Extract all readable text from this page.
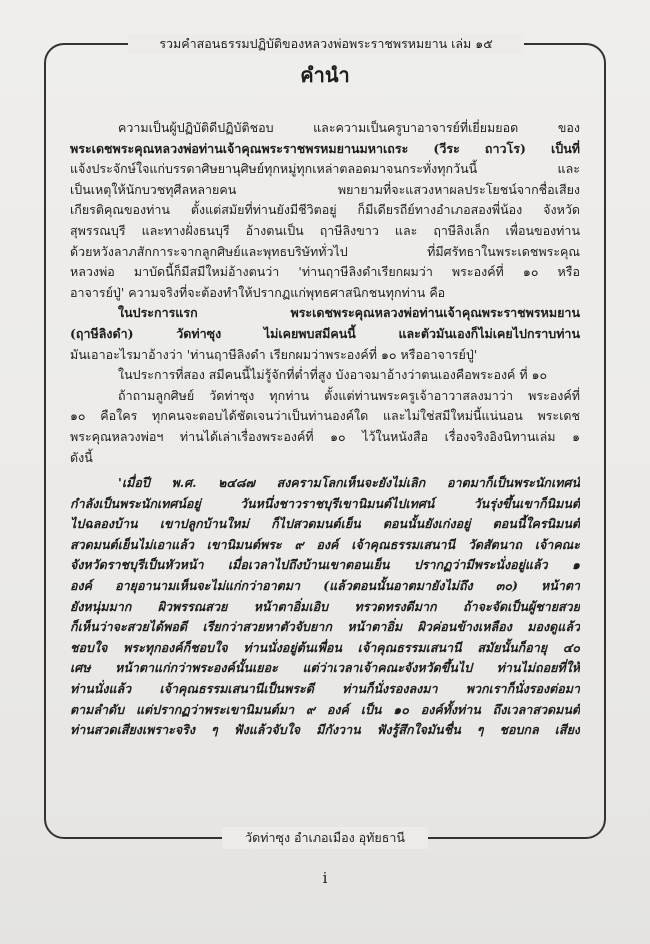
รวมคำสอนธรรมปฏิบัติของหลวงพ่อพระราชพรหมยาน เล่ม ๑๕
คำนำ
ความเป็นผู้ปฏิบัติดีปฏิบัติชอบ และความเป็นครูบาอาจารย์ที่เยี่ยมยอด ของ
พระเดชพระคุณหลวงพ่อท่านเจ้าคุณพระราชพรหมยานมหาเถระ (วีระ ถาวโร) เป็นที่
แจ้งประจักษ์ใจแก่บรรดาศิษยานุศิษย์ทุกหมู่ทุกเหล่าตลอดมาจนกระทั่งทุกวันนี้ และ
เป็นเหตุให้นักบวชทุศีลหลายคน พยายามที่จะแสวงหาผลประโยชน์จากชื่อเสียง
เกียรติคุณของท่าน ตั้งแต่สมัยที่ท่านยังมีชีวิตอยู่ ก็มีเดียรถีย์ทางอำเภอสองพี่น้อง จังหวัด
สุพรรณบุรี และทางฝั่งธนบุรี อ้างตนเป็น ฤาษีลิงขาว และ ฤาษีลิงเล็ก เพื่อนของท่าน
ด้วยหวังลาภสักการะจากลูกศิษย์และพุทธบริษัททั่วไป ที่มีศรัทธาในพระเดชพระคุณ
หลวงพ่อ มาบัดนี้ก็มีสมีใหม่อ้างตนว่า 'ท่านฤาษีลิงดำเรียกผมว่า พระองค์ที่ ๑๐ หรือ
อาจารย์ปู่' ความจริงที่จะต้องทำให้ปรากฏแก่พุทธศาสนิกชนทุกท่าน คือ
ในประการแรก พระเดชพระคุณหลวงพ่อท่านเจ้าคุณพระราชพรหมยาน
(ฤาษีลิงดำ) วัดท่าซุง ไม่เคยพบสมีคนนี้ และตัวมันเองก็ไม่เคยไปกราบท่าน
มันเอาอะไรมาอ้างว่า 'ท่านฤาษีลิงดำ เรียกผมว่าพระองค์ที่ ๑๐ หรืออาจารย์ปู่'
ในประการที่สอง สมีคนนี้ไม่รู้จักที่ต่ำที่สูง บังอาจมาอ้างว่าตนเองคือพระองค์ ที่ ๑๐
ถ้าถามลูกศิษย์ วัดท่าซุง ทุกท่าน ตั้งแต่ท่านพระครูเจ้าอาวาสลงมาว่า พระองค์ที่
๑๐ คือใคร ทุกคนจะตอบได้ชัดเจนว่าเป็นท่านองค์ใด และไม่ใช่สมีใหม่นี้แน่นอน พระเดช
พระคุณหลวงพ่อฯ ท่านได้เล่าเรื่องพระองค์ที่ ๑๐ ไว้ในหนังสือ เรื่องจริงอิงนิทานเล่ม ๑
ดังนี้
'เมื่อปี พ.ศ. ๒๔๘๗ สงครามโลกเห็นจะยังไม่เลิก อาตมาก็เป็นพระนักเทศน์
กำลังเป็นพระนักเทศน์อยู่ วันหนึ่งชาวราชบุรีเขานิมนต์ไปเทศน์ วันรุ่งขึ้นเขาก็นิมนต์
ไปฉลองบ้าน เขาปลูกบ้านใหม่ ก็ไปสวดมนต์เย็น ตอนนั้นยังเก่งอยู่ ตอนนี้ใครนิมนต์
สวดมนต์เย็นไม่เอาแล้ว เขานิมนต์พระ ๙ องค์ เจ้าคุณธรรมเสนานี วัดสัตนาถ เจ้าคณะ
จังหวัดราชบุรีเป็นหัวหน้า เมื่อเวลาไปถึงบ้านเขาตอนเย็น ปรากฏว่ามีพระนั่งอยู่แล้ว ๑
องค์ อายุอานามเห็นจะไม่แก่กว่าอาตมา (แล้วตอนนั้นอาตมายังไม่ถึง ๓๐) หน้าตา
ยังหนุ่มมาก ผิวพรรณสวย หน้าตาอิ่มเอิบ ทรวดทรงดีมาก ถ้าจะจัดเป็นผู้ชายสวย
ก็เห็นว่าจะสวยได้พอดี เรียกว่าสวยหาตัวจับยาก หน้าตาอิ่ม ผิวค่อนข้างเหลือง มองดูแล้ว
ชอบใจ พระทุกองค์ก็ชอบใจ ท่านนั่งอยู่ต้นเพื่อน เจ้าคุณธรรมเสนานี สมัยนั้นก็อายุ ๔๐
เศษ หน้าตาแก่กว่าพระองค์นั้นเยอะ แต่ว่าเวลาเจ้าคณะจังหวัดขึ้นไป ท่านไม่ถอยที่ให้
ท่านนั่งแล้ว เจ้าคุณธรรมเสนานีเป็นพระดี ท่านก็นั่งรองลงมา พวกเราก็นั่งรองต่อมา
ตามลำดับ แต่ปรากฏว่าพระเขานิมนต์มา ๙ องค์ เป็น ๑๐ องค์ทั้งท่าน ถึงเวลาสวดมนต์
ท่านสวดเสียงเพราะจริง ๆ ฟังแล้วจับใจ มีกังวาน ฟังรู้สึกใจมันชื่น ๆ ชอบกล เสียง
วัดท่าซุง อำเภอเมือง อุทัยธานี
i
